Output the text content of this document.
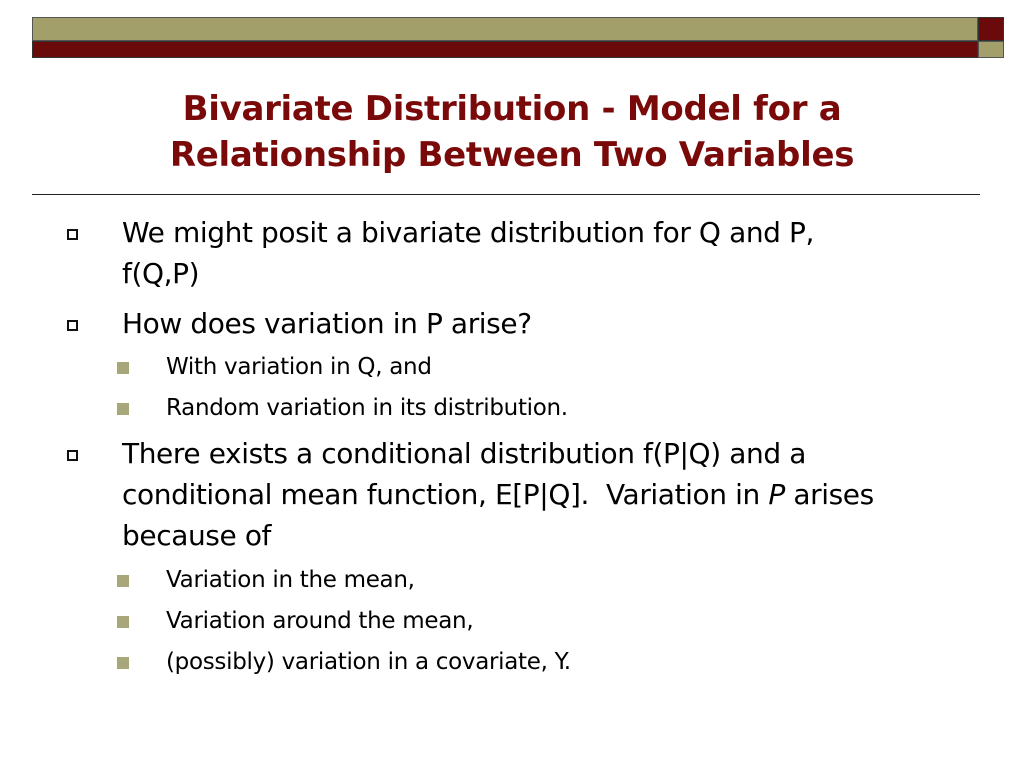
Bivariate Distribution - Model for a
Relationship Between Two Variables
We might posit a bivariate distribution for Q and P,
f(Q,P)
How does variation in P arise?
With variation in Q, and
Random variation in its distribution.
There exists a conditional distribution f(P|Q) and a
conditional mean function, E[P|Q].  Variation in P arises
because of
Variation in the mean,
Variation around the mean,
(possibly) variation in a covariate, Y.
